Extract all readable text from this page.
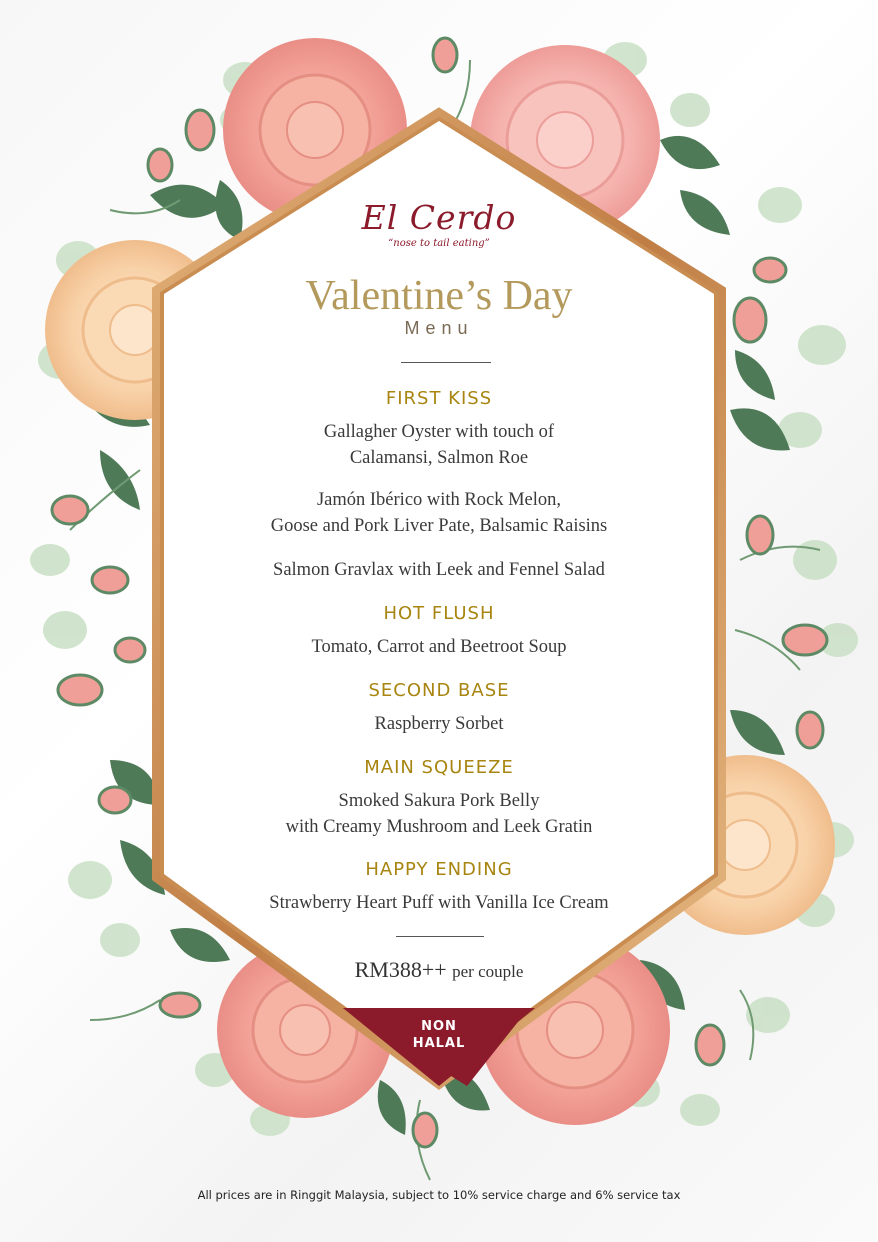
El Cerdo
“nose to tail eating”
Valentine’s Day
Menu
FIRST KISS
Gallagher Oyster with touch of
Calamansi, Salmon Roe
Jamón Ibérico with Rock Melon,
Goose and Pork Liver Pate, Balsamic Raisins
Salmon Gravlax with Leek and Fennel Salad
HOT FLUSH
Tomato, Carrot and Beetroot Soup
SECOND BASE
Raspberry Sorbet
MAIN SQUEEZE
Smoked Sakura Pork Belly
with Creamy Mushroom and Leek Gratin
HAPPY ENDING
Strawberry Heart Puff with Vanilla Ice Cream
RM388++ per couple
NON
HALAL
All prices are in Ringgit Malaysia, subject to 10% service charge and 6% service tax
